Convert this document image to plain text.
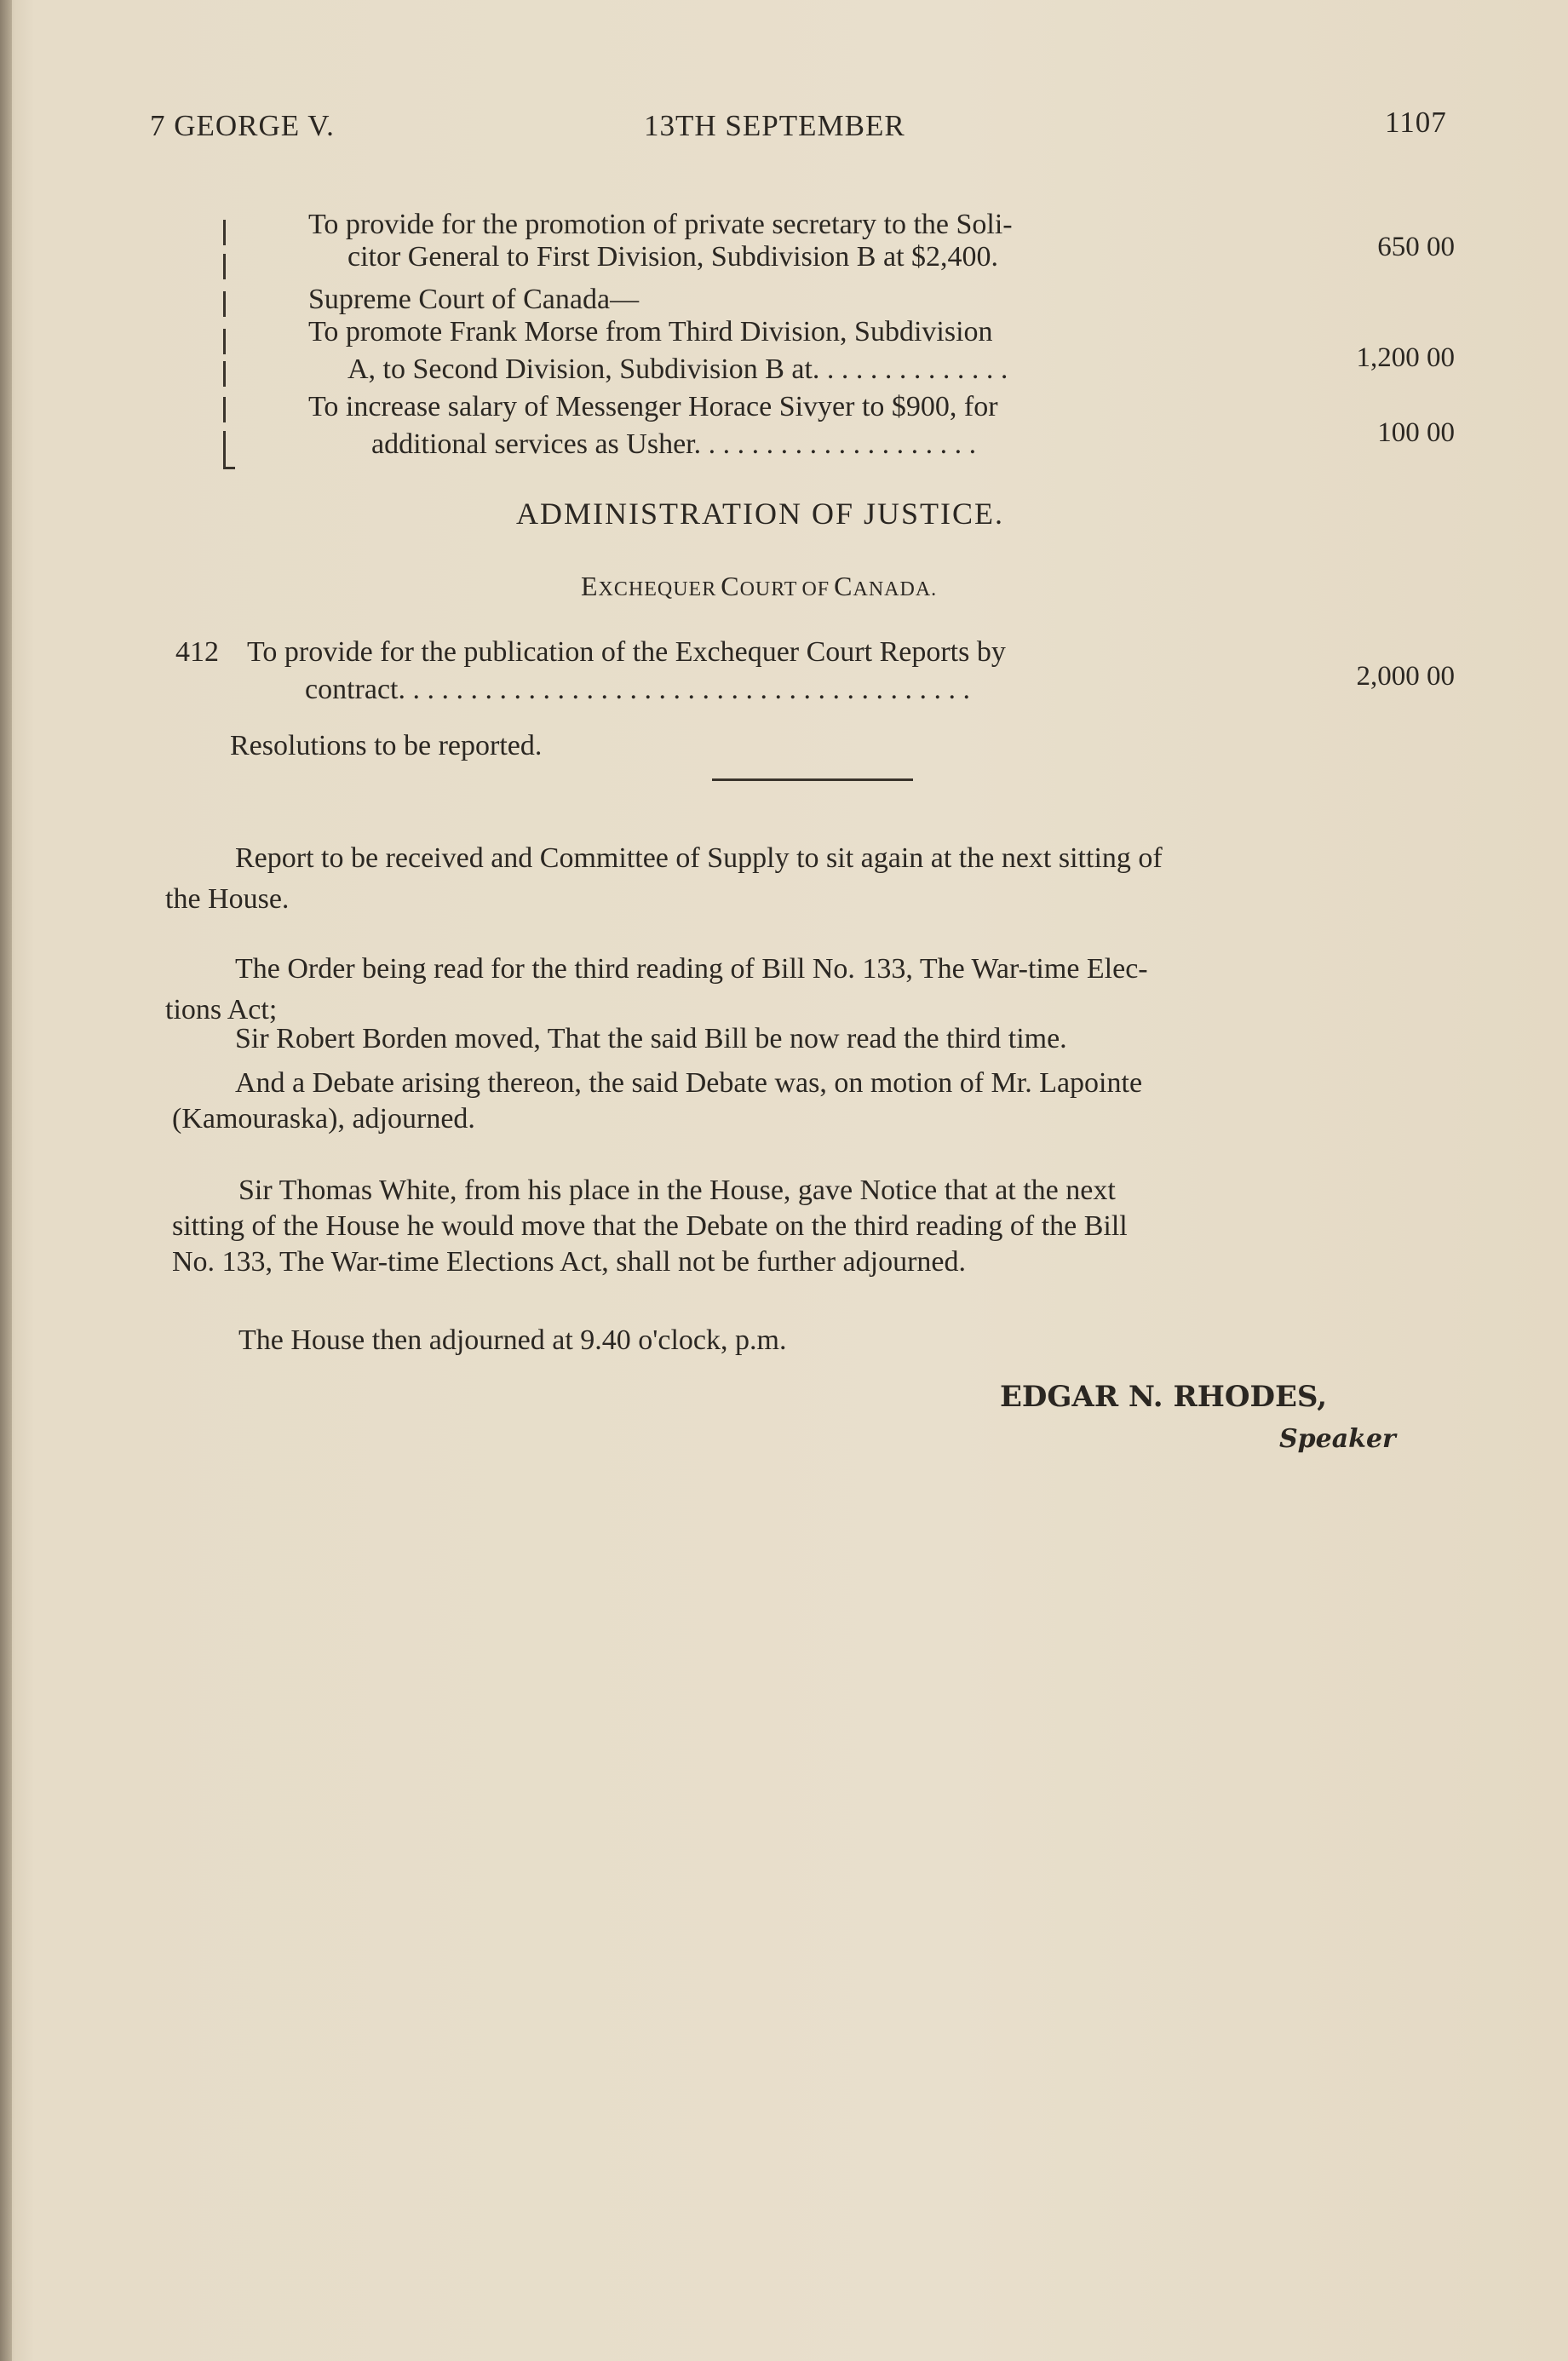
7 GEORGE V.	13TH SEPTEMBER	1107
To provide for the promotion of private secretary to the Soli-
citor General to First Division, Subdivision B at $2,400.	650 00
Supreme Court of Canada—
To promote Frank Morse from Third Division, Subdivision
A, to Second Division, Subdivision B at. . . . . . . . . . . . . .	1,200 00
To increase salary of Messenger Horace Sivyer to $900, for
additional services as Usher. . . . . . . . . . . . . . . . . . . .	100 00
ADMINISTRATION OF JUSTICE.
EXCHEQUER COURT OF CANADA.
412 To provide for the publication of the Exchequer Court Reports by
contract. . . . . . . . . . . . . . . . . . . . . . . . . . . . . . . . . . . . . . . .	2,000 00
Resolutions to be reported.
Report to be received and Committee of Supply to sit again at the next sitting of
the House.
The Order being read for the third reading of Bill No. 133, The War-time Elec-
tions Act;
Sir Robert Borden moved, That the said Bill be now read the third time.
And a Debate arising thereon, the said Debate was, on motion of Mr. Lapointe
(Kamouraska), adjourned.
Sir Thomas White, from his place in the House, gave Notice that at the next
sitting of the House he would move that the Debate on the third reading of the Bill
No. 133, The War-time Elections Act, shall not be further adjourned.
The House then adjourned at 9.40 o'clock, p.m.
EDGAR N. RHODES,
Speaker
